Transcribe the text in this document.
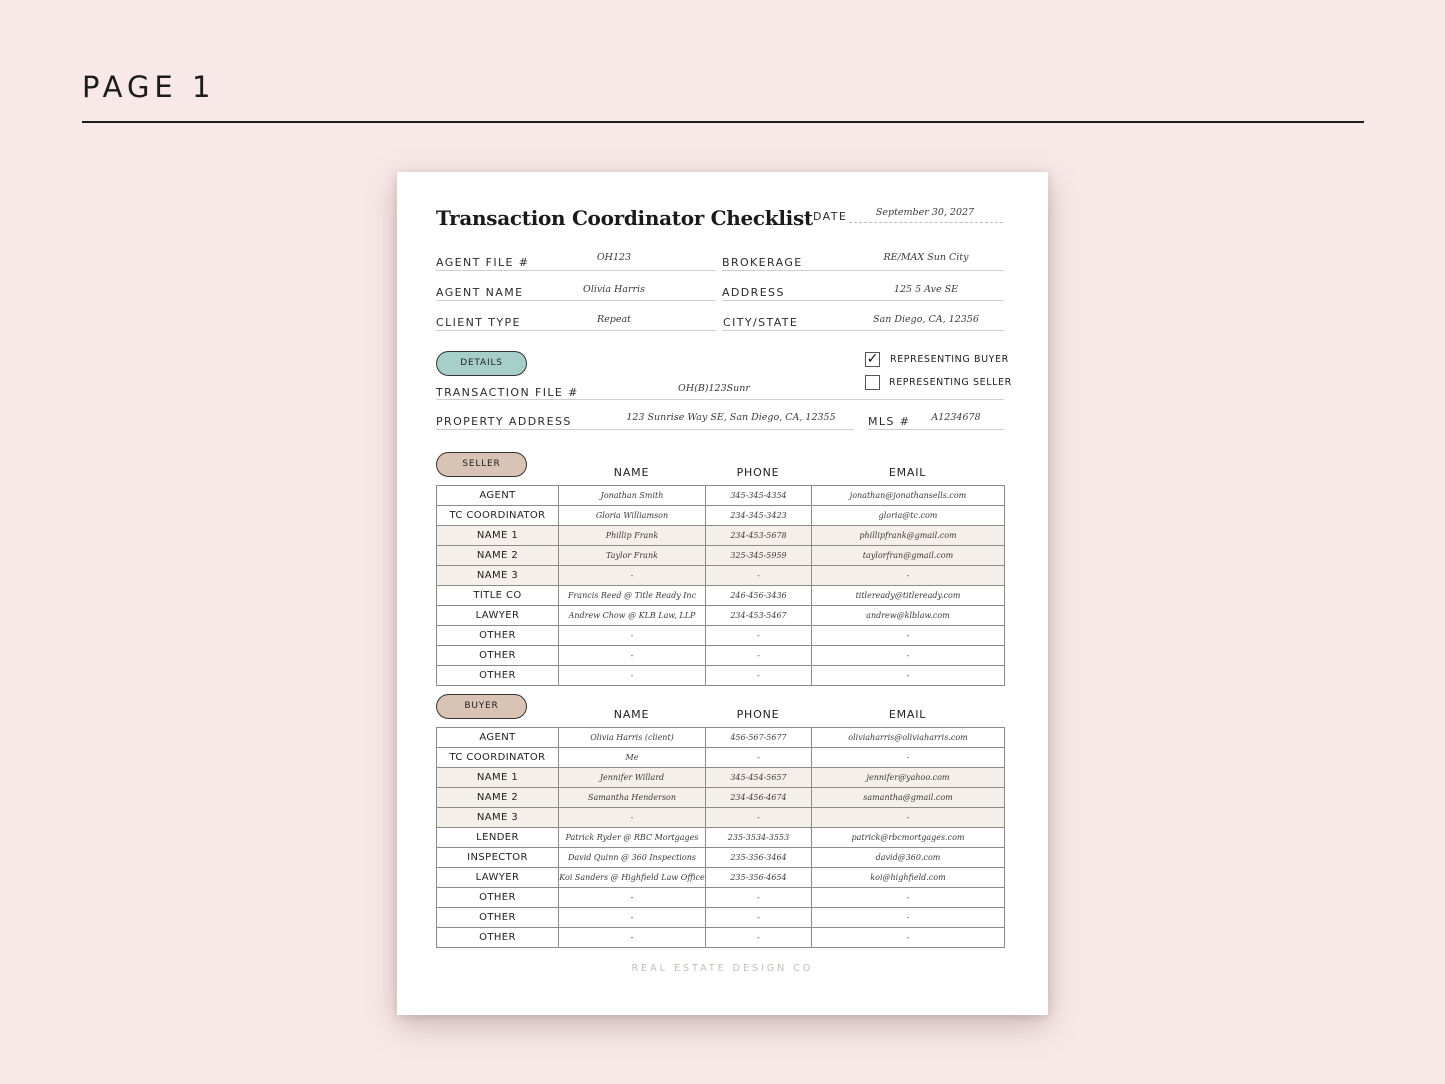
PAGE 1
Transaction Coordinator Checklist DATE	September 30, 2027
AGENT FILE #	OH123	BROKERAGE	RE/MAX Sun City
AGENT NAME	Olivia Harris	ADDRESS	125 5 Ave SE
CLIENT TYPE	Repeat	CITY/STATE	San Diego, CA, 12356
DETAILS	✓ REPRESENTING BUYER
REPRESENTING SELLER
TRANSACTION FILE #	OH(B)123Sunr
PROPERTY ADDRESS	123 Sunrise Way SE, San Diego, CA, 12355	MLS #	A1234678
SELLER
NAME	PHONE	EMAIL
AGENT	Jonathan Smith	345-345-4354	jonathan@jonathansells.com
TC COORDINATOR	Gloria Williamson	234-345-3423	gloria@tc.com
NAME 1	Phillip Frank	234-453-5678	phillipfrank@gmail.com
NAME 2	Taylor Frank	325-345-5959	taylorfran@gmail.com
NAME 3	-	-	-
TITLE CO	Francis Reed @ Title Ready Inc	246-456-3436	titleready@titleready.com
LAWYER	Andrew Chow @ KLB Law, LLP	234-453-5467	andrew@klblaw.com
OTHER	-	-	-
OTHER	-	-	-
OTHER	-	-	-
BUYER
NAME	PHONE	EMAIL
AGENT	Olivia Harris (client)	456-567-5677	oliviaharris@oliviaharris.com
TC COORDINATOR	Me	-	-
NAME 1	Jennifer Willard	345-454-5657	jennifer@yahoo.com
NAME 2	Samantha Henderson	234-456-4674	samantha@gmail.com
NAME 3	-	-	-
LENDER	Patrick Ryder @ RBC Mortgages	235-3534-3553	patrick@rbcmortgages.com
INSPECTOR	David Quinn @ 360 Inspections	235-356-3464	david@360.com
LAWYER	Koi Sanders @ Highfield Law Office	235-356-4654	koi@highfield.com
OTHER	-	-	-
OTHER	-	-	-
OTHER	-	-	-
REAL ESTATE DESIGN CO
